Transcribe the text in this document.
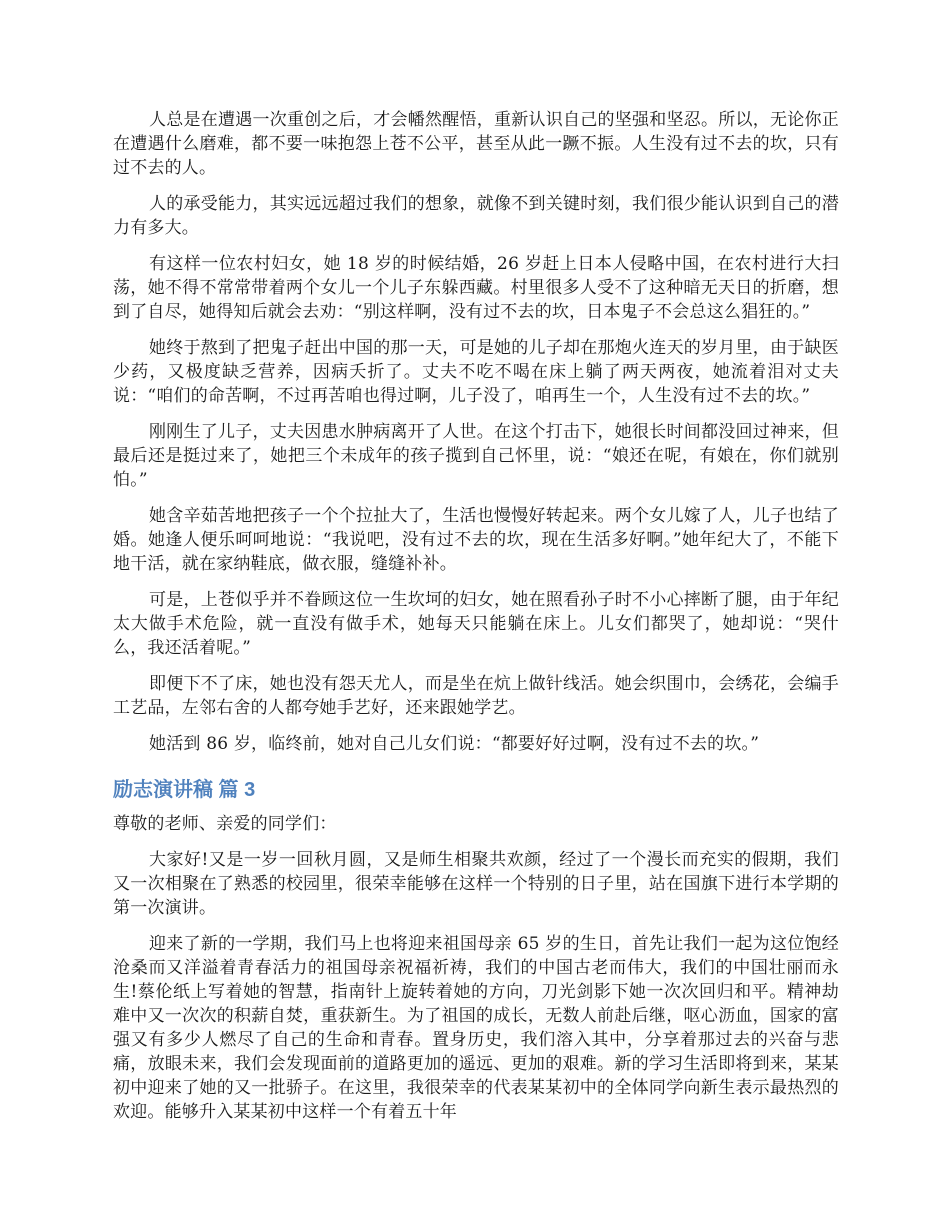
人总是在遭遇一次重创之后，才会幡然醒悟，重新认识自己的坚强和坚忍。所以，无论你正在遭遇什么磨难，都不要一味抱怨上苍不公平，甚至从此一蹶不振。人生没有过不去的坎，只有过不去的人。

人的承受能力，其实远远超过我们的想象，就像不到关键时刻，我们很少能认识到自己的潜力有多大。

有这样一位农村妇女，她 18 岁的时候结婚，26 岁赶上日本人侵略中国，在农村进行大扫荡，她不得不常常带着两个女儿一个儿子东躲西藏。村里很多人受不了这种暗无天日的折磨，想到了自尽，她得知后就会去劝：“别这样啊，没有过不去的坎，日本鬼子不会总这么猖狂的。”

她终于熬到了把鬼子赶出中国的那一天，可是她的儿子却在那炮火连天的岁月里，由于缺医少药，又极度缺乏营养，因病夭折了。丈夫不吃不喝在床上躺了两天两夜，她流着泪对丈夫说：“咱们的命苦啊，不过再苦咱也得过啊，儿子没了，咱再生一个，人生没有过不去的坎。”

刚刚生了儿子，丈夫因患水肿病离开了人世。在这个打击下，她很长时间都没回过神来，但最后还是挺过来了，她把三个未成年的孩子揽到自己怀里，说：“娘还在呢，有娘在，你们就别怕。”

她含辛茹苦地把孩子一个个拉扯大了，生活也慢慢好转起来。两个女儿嫁了人，儿子也结了婚。她逢人便乐呵呵地说：“我说吧，没有过不去的坎，现在生活多好啊。”她年纪大了，不能下地干活，就在家纳鞋底，做衣服，缝缝补补。

可是，上苍似乎并不眷顾这位一生坎坷的妇女，她在照看孙子时不小心摔断了腿，由于年纪太大做手术危险，就一直没有做手术，她每天只能躺在床上。儿女们都哭了，她却说：“哭什么，我还活着呢。”

即便下不了床，她也没有怨天尤人，而是坐在炕上做针线活。她会织围巾，会绣花，会编手工艺品，左邻右舍的人都夸她手艺好，还来跟她学艺。

她活到 86 岁，临终前，她对自己儿女们说：“都要好好过啊，没有过不去的坎。”

励志演讲稿 篇 3

尊敬的老师、亲爱的同学们：

大家好!又是一岁一回秋月圆，又是师生相聚共欢颜，经过了一个漫长而充实的假期，我们又一次相聚在了熟悉的校园里，很荣幸能够在这样一个特别的日子里，站在国旗下进行本学期的第一次演讲。

迎来了新的一学期，我们马上也将迎来祖国母亲 65 岁的生日，首先让我们一起为这位饱经沧桑而又洋溢着青春活力的祖国母亲祝福祈祷，我们的中国古老而伟大，我们的中国壮丽而永生!蔡伦纸上写着她的智慧，指南针上旋转着她的方向，刀光剑影下她一次次回归和平。精神劫难中又一次次的积薪自焚，重获新生。为了祖国的成长，无数人前赴后继，呕心沥血，国家的富强又有多少人燃尽了自己的生命和青春。置身历史，我们溶入其中，分享着那过去的兴奋与悲痛，放眼未来，我们会发现面前的道路更加的遥远、更加的艰难。新的学习生活即将到来，某某初中迎来了她的又一批骄子。在这里，我很荣幸的代表某某初中的全体同学向新生表示最热烈的欢迎。能够升入某某初中这样一个有着五十年
